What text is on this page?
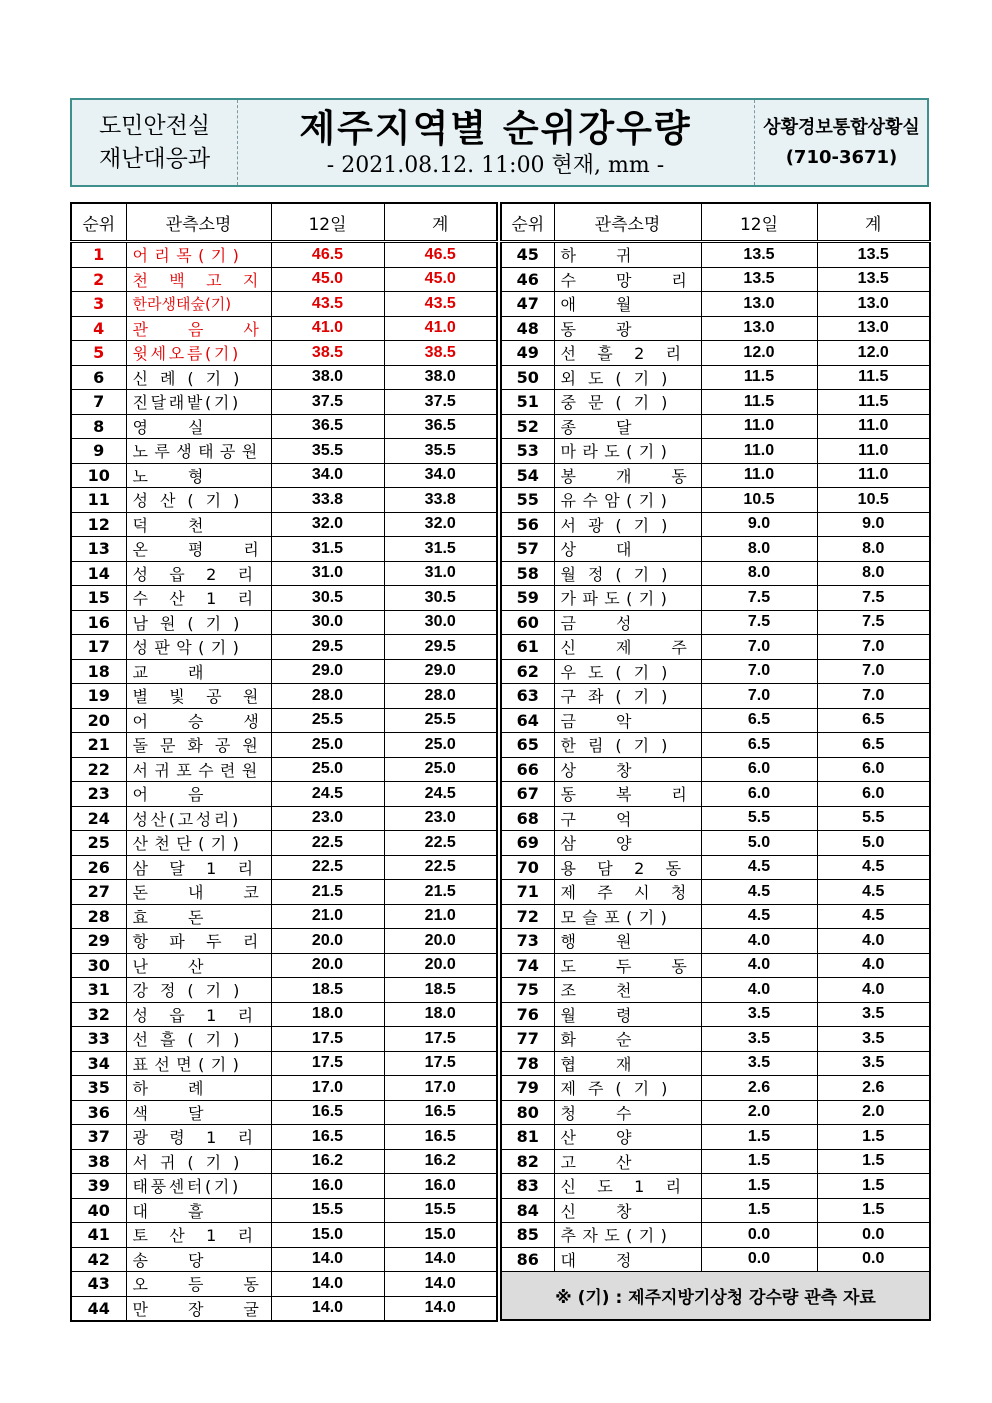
도민안전실
재난대응과
제주지역별 순위강우량
- 2021.08.12. 11:00 현재, mm -
상황경보통합상황실
(710-3671)
순위	관측소명	12일	계
1	어리목(기)	46.5	46.5
2	천백고지	45.0	45.0
3	한라생태숲(기)	43.5	43.5
4	관음사	41.0	41.0
5	윗세오름(기)	38.5	38.5
6	신례(기)	38.0	38.0
7	진달래밭(기)	37.5	37.5
8	영실	36.5	36.5
9	노루생태공원	35.5	35.5
10	노형	34.0	34.0
11	성산(기)	33.8	33.8
12	덕천	32.0	32.0
13	온평리	31.5	31.5
14	성읍2리	31.0	31.0
15	수산1리	30.5	30.5
16	남원(기)	30.0	30.0
17	성판악(기)	29.5	29.5
18	교래	29.0	29.0
19	별빛공원	28.0	28.0
20	어승생	25.5	25.5
21	돌문화공원	25.0	25.0
22	서귀포수련원	25.0	25.0
23	어음	24.5	24.5
24	성산(고성리)	23.0	23.0
25	산천단(기)	22.5	22.5
26	삼달1리	22.5	22.5
27	돈내코	21.5	21.5
28	효돈	21.0	21.0
29	항파두리	20.0	20.0
30	난산	20.0	20.0
31	강정(기)	18.5	18.5
32	성읍1리	18.0	18.0
33	선흘(기)	17.5	17.5
34	표선면(기)	17.5	17.5
35	하례	17.0	17.0
36	색달	16.5	16.5
37	광령1리	16.5	16.5
38	서귀(기)	16.2	16.2
39	태풍센터(기)	16.0	16.0
40	대흘	15.5	15.5
41	토산1리	15.0	15.0
42	송당	14.0	14.0
43	오등동	14.0	14.0
44	만장굴	14.0	14.0
순위	관측소명	12일	계
45	하귀	13.5	13.5
46	수망리	13.5	13.5
47	애월	13.0	13.0
48	동광	13.0	13.0
49	선흘2리	12.0	12.0
50	외도(기)	11.5	11.5
51	중문(기)	11.5	11.5
52	종달	11.0	11.0
53	마라도(기)	11.0	11.0
54	봉개동	11.0	11.0
55	유수암(기)	10.5	10.5
56	서광(기)	9.0	9.0
57	상대	8.0	8.0
58	월정(기)	8.0	8.0
59	가파도(기)	7.5	7.5
60	금성	7.5	7.5
61	신제주	7.0	7.0
62	우도(기)	7.0	7.0
63	구좌(기)	7.0	7.0
64	금악	6.5	6.5
65	한림(기)	6.5	6.5
66	상창	6.0	6.0
67	동복리	6.0	6.0
68	구억	5.5	5.5
69	삼양	5.0	5.0
70	용담2동	4.5	4.5
71	제주시청	4.5	4.5
72	모슬포(기)	4.5	4.5
73	행원	4.0	4.0
74	도두동	4.0	4.0
75	조천	4.0	4.0
76	월령	3.5	3.5
77	화순	3.5	3.5
78	협재	3.5	3.5
79	제주(기)	2.6	2.6
80	청수	2.0	2.0
81	산양	1.5	1.5
82	고산	1.5	1.5
83	신도1리	1.5	1.5
84	신창	1.5	1.5
85	추자도(기)	0.0	0.0
86	대정	0.0	0.0
※ (기) : 제주지방기상청 강수량 관측 자료			
